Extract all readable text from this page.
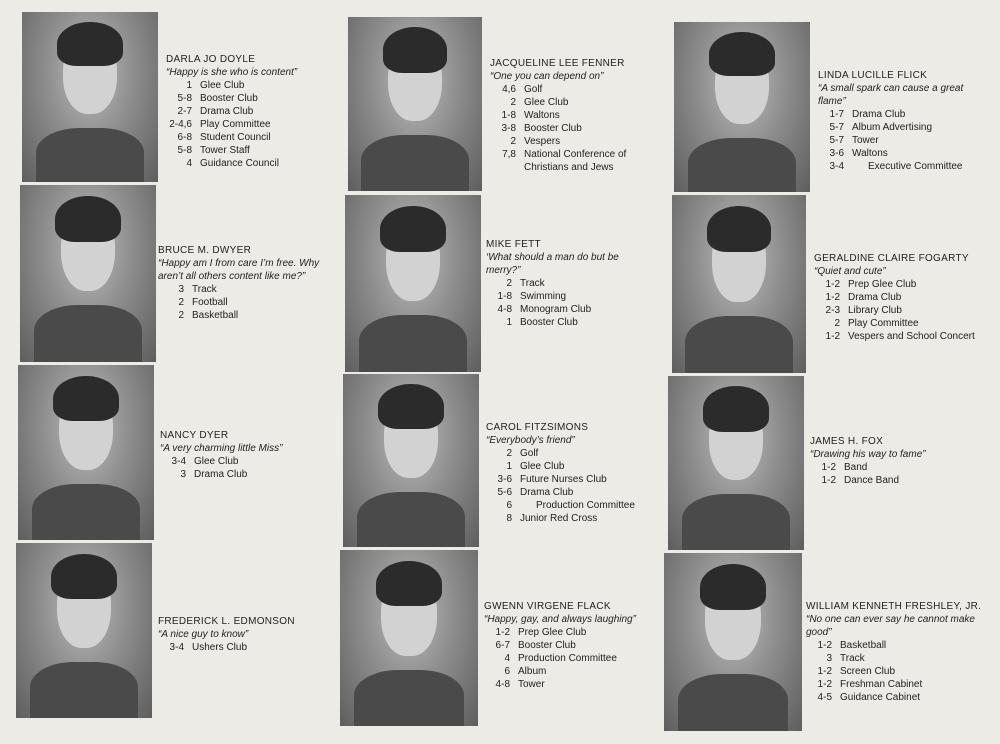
DARLA JO DOYLE
“Happy is she who is content”
1 Glee Club
5-8 Booster Club
2-7 Drama Club
2-4,6 Play Committee
6-8 Student Council
5-8 Tower Staff
4 Guidance Council
BRUCE M. DWYER
“Happy am I from care I’m free. Why aren’t all others content like me?”
3 Track
2 Football
2 Basketball
NANCY DYER
“A very charming little Miss”
3-4 Glee Club
3 Drama Club
FREDERICK L. EDMONSON
“A nice guy to know”
3-4 Ushers Club
JACQUELINE LEE FENNER
“One you can depend on”
4,6 Golf
2 Glee Club
1-8 Waltons
3-8 Booster Club
2 Vespers
7,8 National Conference of
Christians and Jews
MIKE FETT
‘What should a man do but be merry?”
2 Track
1-8 Swimming
4-8 Monogram Club
1 Booster Club
CAROL FITZSIMONS
“Everybody’s friend”
2 Golf
1 Glee Club
3-6 Future Nurses Club
5-6 Drama Club
6	Production Committee
8 Junior Red Cross
GWENN VIRGENE FLACK
“Happy, gay, and always laughing”
1-2 Prep Glee Club
6-7 Booster Club
4 Production Committee
6 Album
4-8 Tower
LINDA LUCILLE FLICK
“A small spark can cause a great flame”
1-7 Drama Club
5-7 Album Advertising
5-7 Tower
3-6 Waltons
3-4	Executive Committee
GERALDINE CLAIRE FOGARTY
“Quiet and cute”
1-2 Prep Glee Club
1-2 Drama Club
2-3 Library Club
2 Play Committee
1-2 Vespers and School Concert
JAMES H. FOX
“Drawing his way to fame”
1-2 Band
1-2 Dance Band
WILLIAM KENNETH FRESHLEY, JR.
“No one can ever say he cannot make good”
1-2 Basketball
3 Track
1-2 Screen Club
1-2 Freshman Cabinet
4-5 Guidance Cabinet
